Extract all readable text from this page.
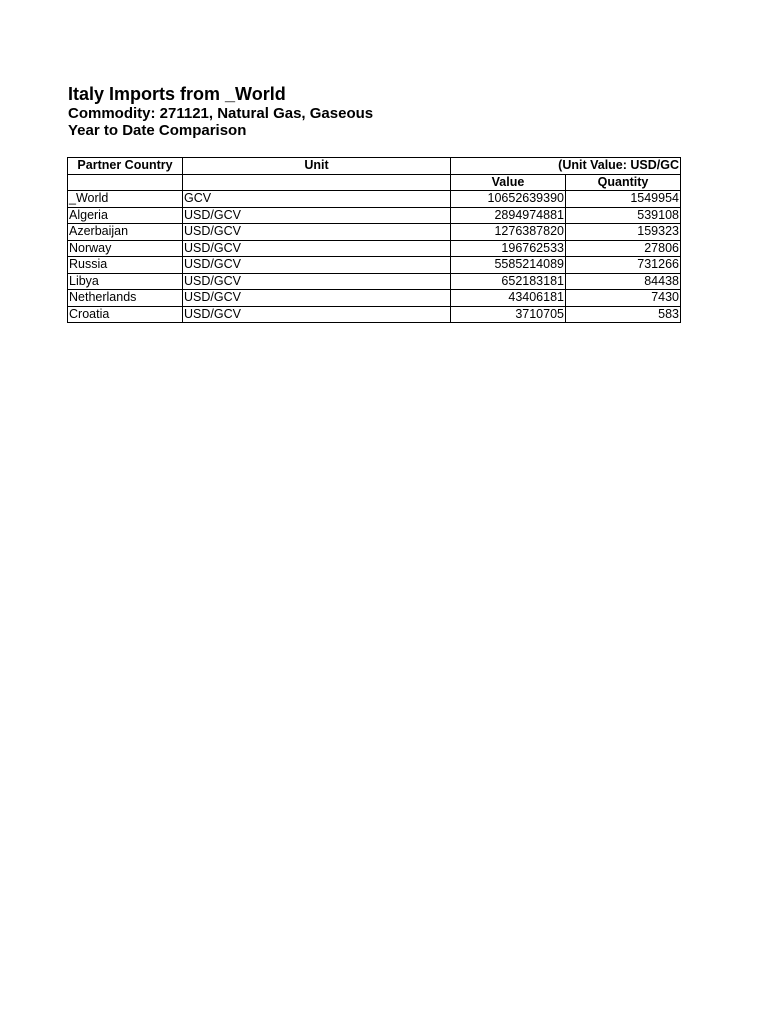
Italy Imports from _World
Commodity: 271121, Natural Gas, Gaseous
Year to Date Comparison
Partner Country	Unit	(Unit Value: USD/GC	
		Value	Quantity
_World	GCV	10652639390	1549954
Algeria	USD/GCV	2894974881	539108
Azerbaijan	USD/GCV	1276387820	159323
Norway	USD/GCV	196762533	27806
Russia	USD/GCV	5585214089	731266
Libya	USD/GCV	652183181	84438
Netherlands	USD/GCV	43406181	7430
Croatia	USD/GCV	3710705	583
